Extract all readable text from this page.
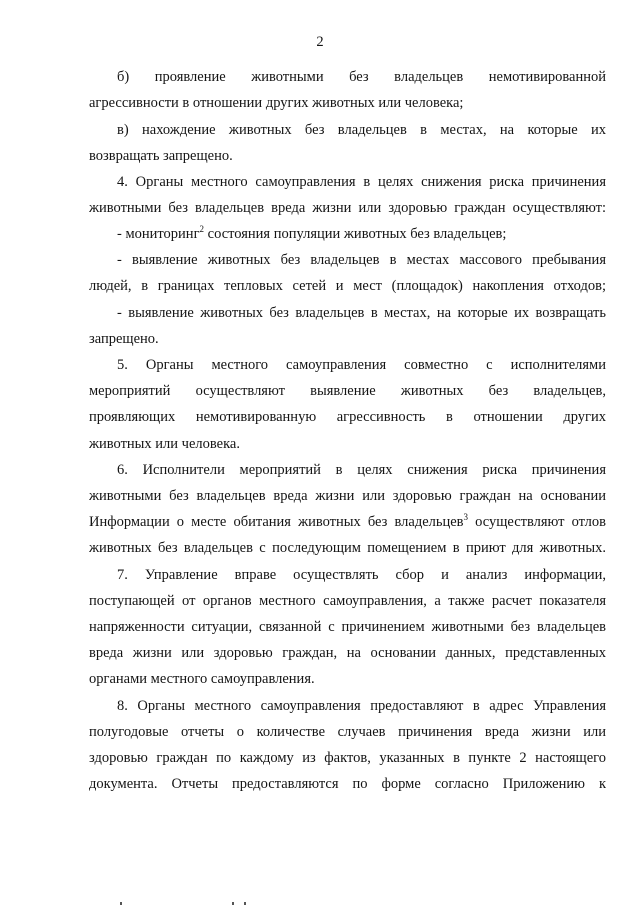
2
б) проявление животными без владельцев немотивированной
агрессивности в отношении других животных или человека;
в) нахождение животных без владельцев в местах, на которые их
возвращать запрещено.
4. Органы местного самоуправления в целях снижения риска причинения
животными без владельцев вреда жизни или здоровью граждан осуществляют:
- мониторинг$^2$ состояния популяции животных без владельцев;
- выявление животных без владельцев в местах массового пребывания
людей, в границах тепловых сетей и мест (площадок) накопления отходов;
- выявление животных без владельцев в местах, на которые их возвращать
запрещено.
5. Органы местного самоуправления совместно с исполнителями
мероприятий осуществляют выявление животных без владельцев,
проявляющих немотивированную агрессивность в отношении других
животных или человека.
6. Исполнители мероприятий в целях снижения риска причинения
животными без владельцев вреда жизни или здоровью граждан на основании
Информации о месте обитания животных без владельцев$^3$ осуществляют отлов
животных без владельцев с последующим помещением в приют для животных.
7. Управление вправе осуществлять сбор и анализ информации,
поступающей от органов местного самоуправления, а также расчет показателя
напряженности ситуации, связанной с причинением животными без владельцев
вреда жизни или здоровью граждан, на основании данных, представленных
органами местного самоуправления.
8. Органы местного самоуправления предоставляют в адрес Управления
полугодовые отчеты о количестве случаев причинения вреда жизни или
здоровью граждан по каждому из фактов, указанных в пункте 2 настоящего
документа. Отчеты предоставляются по форме согласно Приложению к
